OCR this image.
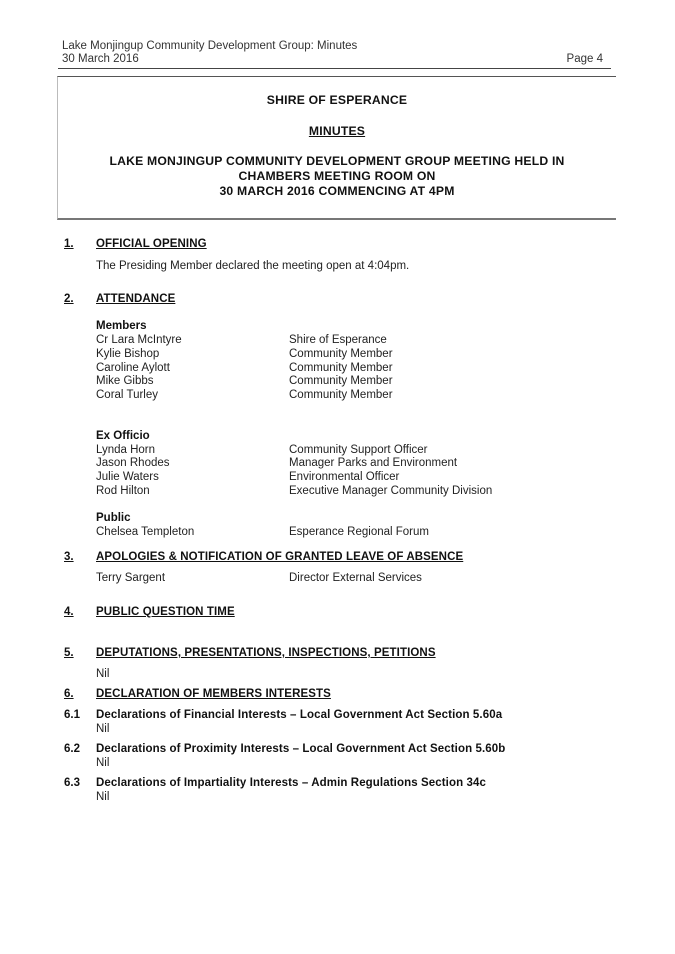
Lake Monjingup Community Development Group: Minutes
30 March 2016	Page 4
SHIRE OF ESPERANCE
MINUTES
LAKE MONJINGUP COMMUNITY DEVELOPMENT GROUP MEETING HELD IN
CHAMBERS MEETING ROOM ON
30 MARCH 2016 COMMENCING AT 4PM
1. OFFICIAL OPENING
The Presiding Member declared the meeting open at 4:04pm.
2. ATTENDANCE
Members
Cr Lara McIntyre	Shire of Esperance
Kylie Bishop	Community Member
Caroline Aylott	Community Member
Mike Gibbs	Community Member
Coral Turley	Community Member
Ex Officio
Lynda Horn	Community Support Officer
Jason Rhodes	Manager Parks and Environment
Julie Waters	Environmental Officer
Rod Hilton	Executive Manager Community Division
Public
Chelsea Templeton	Esperance Regional Forum
3. APOLOGIES & NOTIFICATION OF GRANTED LEAVE OF ABSENCE
Terry Sargent	Director External Services
4. PUBLIC QUESTION TIME
5. DEPUTATIONS, PRESENTATIONS, INSPECTIONS, PETITIONS
Nil
6. DECLARATION OF MEMBERS INTERESTS
6.1 Declarations of Financial Interests – Local Government Act Section 5.60a
Nil
6.2 Declarations of Proximity Interests – Local Government Act Section 5.60b
Nil
6.3 Declarations of Impartiality Interests – Admin Regulations Section 34c
Nil
